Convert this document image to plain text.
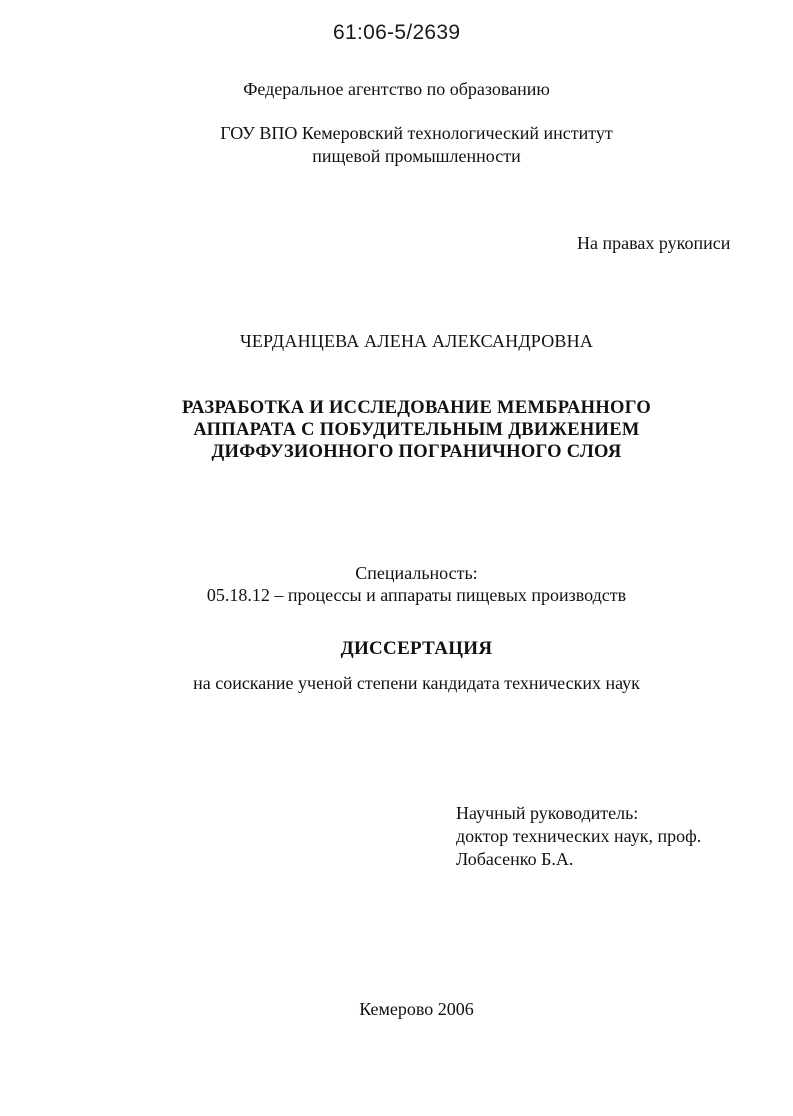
61:06-5/2639
Федеральное агентство по образованию
ГОУ ВПО Кемеровский технологический институт
пищевой промышленности
На правах рукописи
ЧЕРДАНЦЕВА АЛЕНА АЛЕКСАНДРОВНА
РАЗРАБОТКА И ИССЛЕДОВАНИЕ МЕМБРАННОГО
АППАРАТА С ПОБУДИТЕЛЬНЫМ ДВИЖЕНИЕМ
ДИФФУЗИОННОГО ПОГРАНИЧНОГО СЛОЯ
Специальность:
05.18.12 – процессы и аппараты пищевых производств
ДИССЕРТАЦИЯ
на соискание ученой степени кандидата технических наук
Научный руководитель:
доктор технических наук, проф.
Лобасенко Б.А.
Кемерово 2006
